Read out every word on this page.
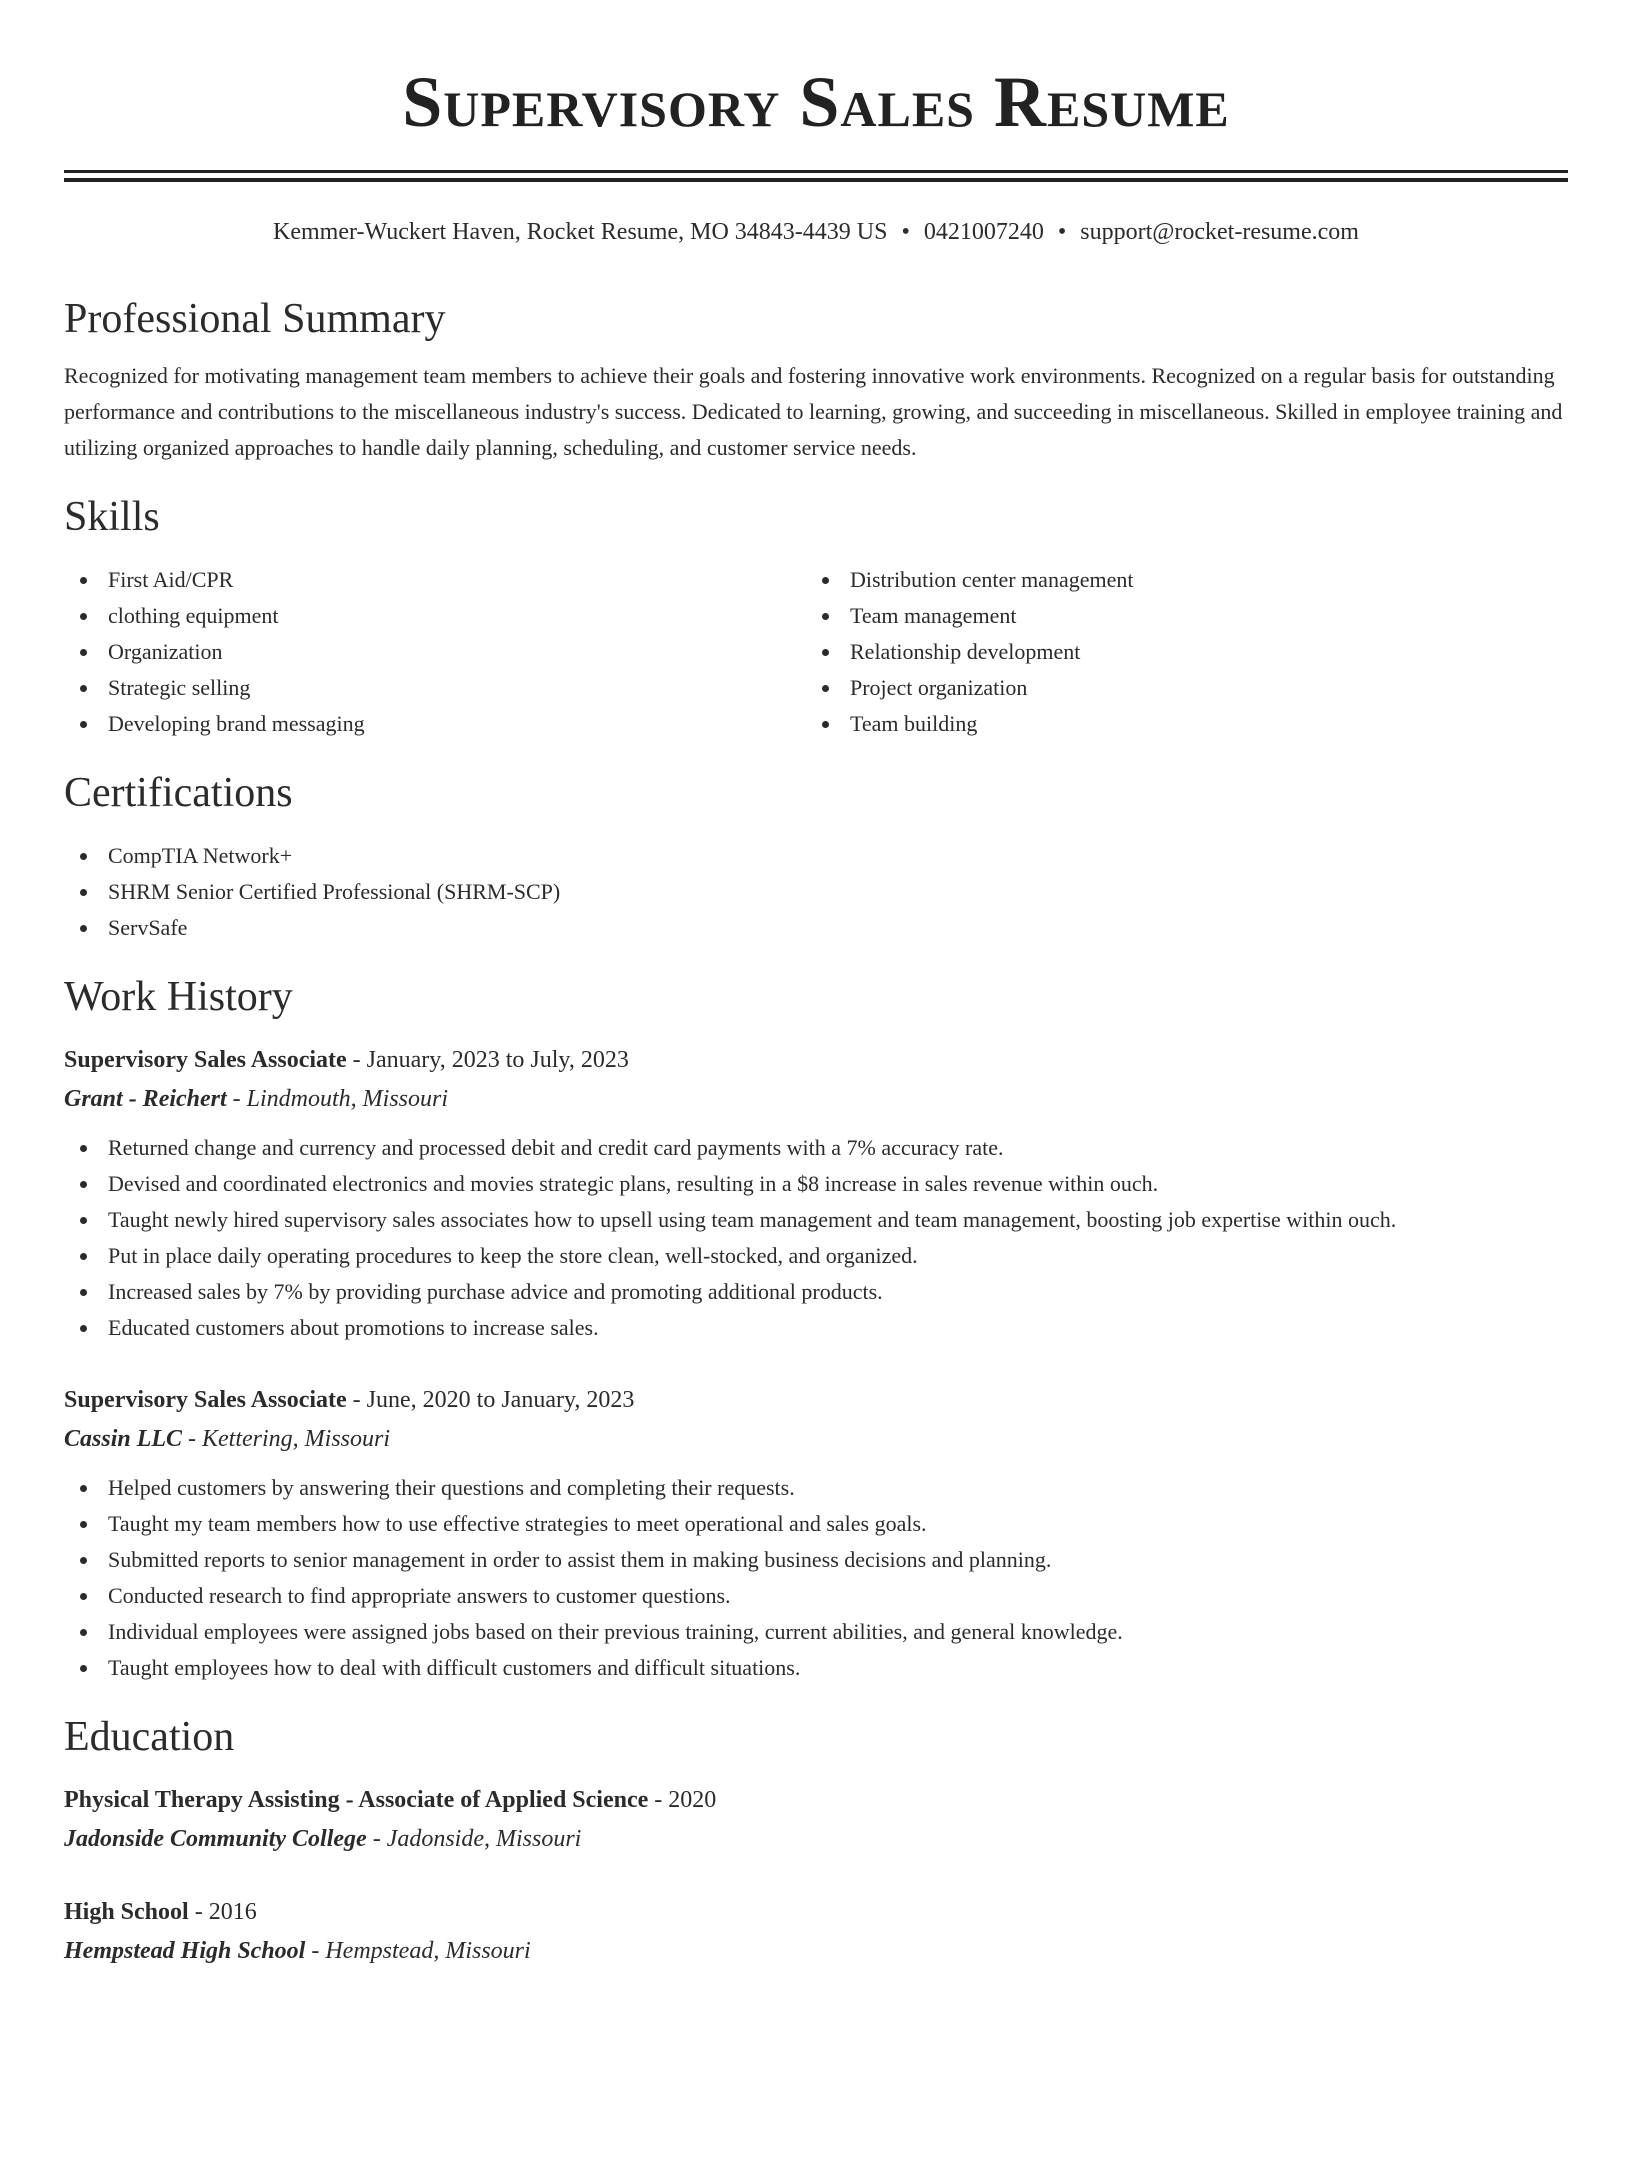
Supervisory Sales Resume
Kemmer-Wuckert Haven, Rocket Resume, MO 34843-4439 US • 0421007240 • support@rocket-resume.com
Professional Summary

Recognized for motivating management team members to achieve their goals and fostering innovative work environments. Recognized on a regular basis for outstanding performance and contributions to the miscellaneous industry's success. Dedicated to learning, growing, and succeeding in miscellaneous. Skilled in employee training and utilizing organized approaches to handle daily planning, scheduling, and customer service needs.

Skills
First Aid/CPR
clothing equipment
Organization
Strategic selling
Developing brand messaging
Distribution center management
Team management
Relationship development
Project organization
Team building
Certifications
CompTIA Network+
SHRM Senior Certified Professional (SHRM-SCP)
ServSafe
Work History
Supervisory Sales Associate - January, 2023 to July, 2023
Grant - Reichert - Lindmouth, Missouri
Returned change and currency and processed debit and credit card payments with a 7% accuracy rate.
Devised and coordinated electronics and movies strategic plans, resulting in a $8 increase in sales revenue within ouch.
Taught newly hired supervisory sales associates how to upsell using team management and team management, boosting job expertise within ouch.
Put in place daily operating procedures to keep the store clean, well-stocked, and organized.
Increased sales by 7% by providing purchase advice and promoting additional products.
Educated customers about promotions to increase sales.
Supervisory Sales Associate - June, 2020 to January, 2023
Cassin LLC - Kettering, Missouri
Helped customers by answering their questions and completing their requests.
Taught my team members how to use effective strategies to meet operational and sales goals.
Submitted reports to senior management in order to assist them in making business decisions and planning.
Conducted research to find appropriate answers to customer questions.
Individual employees were assigned jobs based on their previous training, current abilities, and general knowledge.
Taught employees how to deal with difficult customers and difficult situations.
Education
Physical Therapy Assisting - Associate of Applied Science - 2020
Jadonside Community College - Jadonside, Missouri
High School - 2016
Hempstead High School - Hempstead, Missouri
